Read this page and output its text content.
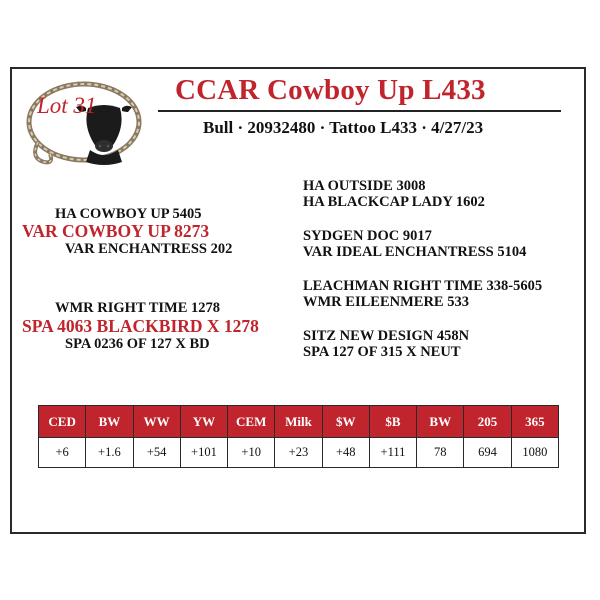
Lot 31	CCAR Cowboy Up L433
Bull · 20932480 · Tattoo L433 · 4/27/23
HA COWBOY UP 5405
VAR COWBOY UP 8273
VAR ENCHANTRESS 202
WMR RIGHT TIME 1278
SPA 4063 BLACKBIRD X 1278
SPA 0236 OF 127 X BD
HA OUTSIDE 3008
HA BLACKCAP LADY 1602
SYDGEN DOC 9017
VAR IDEAL ENCHANTRESS 5104
LEACHMAN RIGHT TIME 338-5605
WMR EILEENMERE 533
SITZ NEW DESIGN 458N
SPA 127 OF 315 X NEUT
CED	BW	WW	YW	CEM	Milk	$W	$B	BW	205	365
+6	+1.6	+54	+101	+10	+23	+48	+111	78	694	1080
